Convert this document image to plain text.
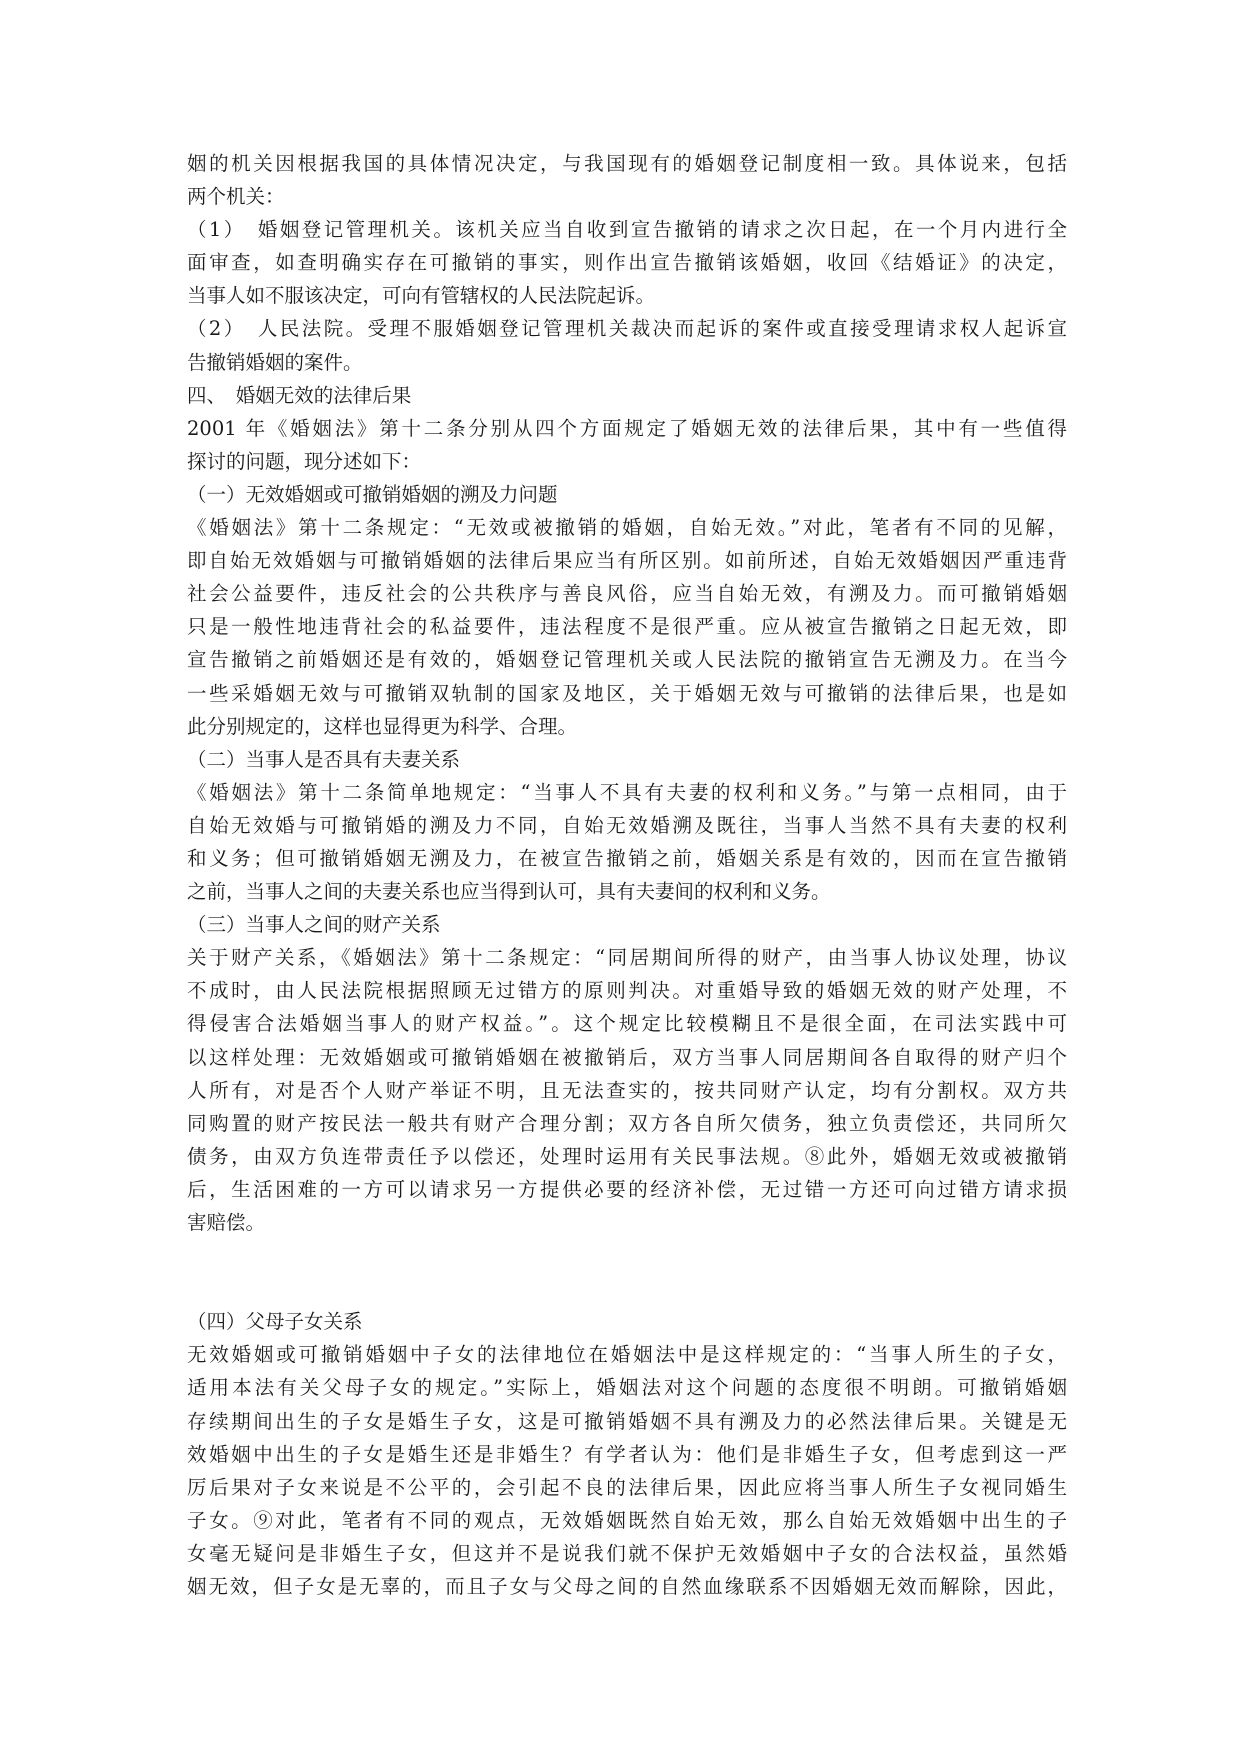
姻的机关因根据我国的具体情况决定，与我国现有的婚姻登记制度相一致。具体说来，包括
两个机关：
（1）　婚姻登记管理机关。该机关应当自收到宣告撤销的请求之次日起，在一个月内进行全
面审查，如查明确实存在可撤销的事实，则作出宣告撤销该婚姻，收回《结婚证》的决定，
当事人如不服该决定，可向有管辖权的人民法院起诉。
（2）　人民法院。受理不服婚姻登记管理机关裁决而起诉的案件或直接受理请求权人起诉宣
告撤销婚姻的案件。
四、　婚姻无效的法律后果
2001 年《婚姻法》第十二条分别从四个方面规定了婚姻无效的法律后果，其中有一些值得
探讨的问题，现分述如下：
（一）无效婚姻或可撤销婚姻的溯及力问题
《婚姻法》第十二条规定：“无效或被撤销的婚姻，自始无效。”对此，笔者有不同的见解，
即自始无效婚姻与可撤销婚姻的法律后果应当有所区别。如前所述，自始无效婚姻因严重违背
社会公益要件，违反社会的公共秩序与善良风俗，应当自始无效，有溯及力。而可撤销婚姻
只是一般性地违背社会的私益要件，违法程度不是很严重。应从被宣告撤销之日起无效，即
宣告撤销之前婚姻还是有效的，婚姻登记管理机关或人民法院的撤销宣告无溯及力。在当今
一些采婚姻无效与可撤销双轨制的国家及地区，关于婚姻无效与可撤销的法律后果，也是如
此分别规定的，这样也显得更为科学、合理。
（二）当事人是否具有夫妻关系
《婚姻法》第十二条简单地规定：“当事人不具有夫妻的权利和义务。”与第一点相同，由于
自始无效婚与可撤销婚的溯及力不同，自始无效婚溯及既往，当事人当然不具有夫妻的权利
和义务；但可撤销婚姻无溯及力，在被宣告撤销之前，婚姻关系是有效的，因而在宣告撤销
之前，当事人之间的夫妻关系也应当得到认可，具有夫妻间的权利和义务。
（三）当事人之间的财产关系
关于财产关系，《婚姻法》第十二条规定：“同居期间所得的财产，由当事人协议处理，协议
不成时，由人民法院根据照顾无过错方的原则判决。对重婚导致的婚姻无效的财产处理，不
得侵害合法婚姻当事人的财产权益。”。这个规定比较模糊且不是很全面，在司法实践中可
以这样处理：无效婚姻或可撤销婚姻在被撤销后，双方当事人同居期间各自取得的财产归个
人所有，对是否个人财产举证不明，且无法查实的，按共同财产认定，均有分割权。双方共
同购置的财产按民法一般共有财产合理分割；双方各自所欠债务，独立负责偿还，共同所欠
债务，由双方负连带责任予以偿还，处理时运用有关民事法规。⑧此外，婚姻无效或被撤销
后，生活困难的一方可以请求另一方提供必要的经济补偿，无过错一方还可向过错方请求损
害赔偿。
（四）父母子女关系
无效婚姻或可撤销婚姻中子女的法律地位在婚姻法中是这样规定的：“当事人所生的子女，
适用本法有关父母子女的规定。”实际上，婚姻法对这个问题的态度很不明朗。可撤销婚姻
存续期间出生的子女是婚生子女，这是可撤销婚姻不具有溯及力的必然法律后果。关键是无
效婚姻中出生的子女是婚生还是非婚生？有学者认为：他们是非婚生子女，但考虑到这一严
厉后果对子女来说是不公平的，会引起不良的法律后果，因此应将当事人所生子女视同婚生
子女。⑨对此，笔者有不同的观点，无效婚姻既然自始无效，那么自始无效婚姻中出生的子
女毫无疑问是非婚生子女，但这并不是说我们就不保护无效婚姻中子女的合法权益，虽然婚
姻无效，但子女是无辜的，而且子女与父母之间的自然血缘联系不因婚姻无效而解除，因此，
